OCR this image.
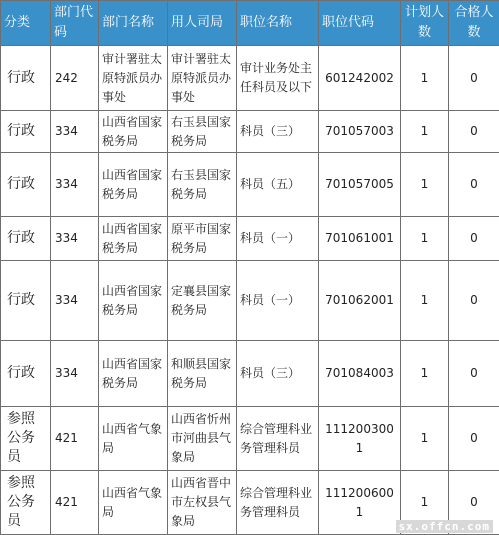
分类	部门代码	部门名称	用人司局	职位名称	职位代码	计划人数	合格人数
行政	242	审计署驻太原特派员办事处	审计署驻太原特派员办事处	审计业务处主任科员及以下	601242002	1	0
行政	334	山西省国家税务局	右玉县国家税务局	科员（三）	701057003	1	0
行政	334	山西省国家税务局	右玉县国家税务局	科员（五）	701057005	1	0
行政	334	山西省国家税务局	原平市国家税务局	科员（一）	701061001	1	0
行政	334	山西省国家税务局	定襄县国家税务局	科员（一）	701062001	1	0
行政	334	山西省国家税务局	和顺县国家税务局	科员（三）	701084003	1	0
参照公务员	421	山西省气象局	山西省忻州市河曲县气象局	综合管理科业务管理科员	1112003001	1	0
参照公务员	421	山西省气象局	山西省晋中市左权县气象局	综合管理科业务管理科员	1112006001	1	0
sx.offcn.com
